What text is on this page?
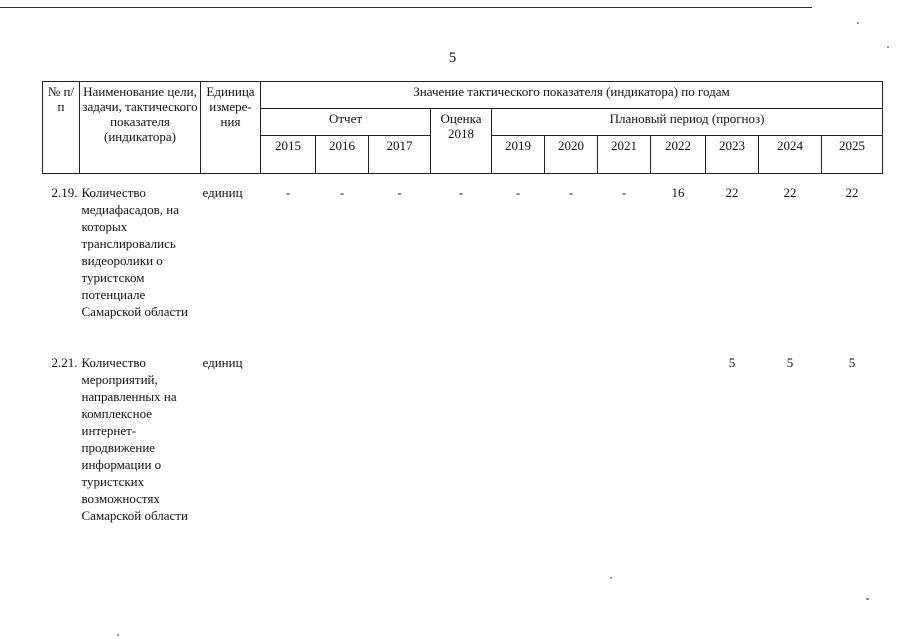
5
№ п/п	Наименование цели, задачи, тактического показателя (индикатора)	Единица измере-ния	Значение тактического показателя (индикатора) по годам										
			Отчет			Оценка 2018	Плановый период (прогноз)						
			2015	2016	2017		2019	2020	2021	2022	2023	2024	2025
2.19.	Количество медиафасадов, на которых транслировались видеоролики о туристском потенциале Самарской области	единиц	-	-	-	-	-	-	-	16	22	22	22
2.21.	Количество мероприятий, направленных на комплексное интернет-продвижение информации о туристских возможностях Самарской области	единиц									5	5	5
